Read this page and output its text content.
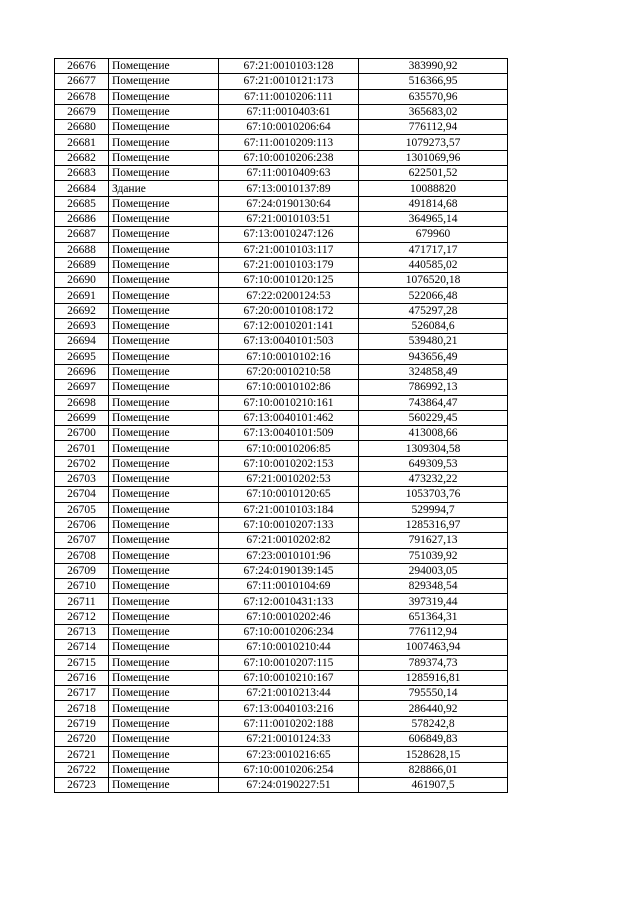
26676	Помещение	67:21:0010103:128	383990,92
26677	Помещение	67:21:0010121:173	516366,95
26678	Помещение	67:11:0010206:111	635570,96
26679	Помещение	67:11:0010403:61	365683,02
26680	Помещение	67:10:0010206:64	776112,94
26681	Помещение	67:11:0010209:113	1079273,57
26682	Помещение	67:10:0010206:238	1301069,96
26683	Помещение	67:11:0010409:63	622501,52
26684	Здание	67:13:0010137:89	10088820
26685	Помещение	67:24:0190130:64	491814,68
26686	Помещение	67:21:0010103:51	364965,14
26687	Помещение	67:13:0010247:126	679960
26688	Помещение	67:21:0010103:117	471717,17
26689	Помещение	67:21:0010103:179	440585,02
26690	Помещение	67:10:0010120:125	1076520,18
26691	Помещение	67:22:0200124:53	522066,48
26692	Помещение	67:20:0010108:172	475297,28
26693	Помещение	67:12:0010201:141	526084,6
26694	Помещение	67:13:0040101:503	539480,21
26695	Помещение	67:10:0010102:16	943656,49
26696	Помещение	67:20:0010210:58	324858,49
26697	Помещение	67:10:0010102:86	786992,13
26698	Помещение	67:10:0010210:161	743864,47
26699	Помещение	67:13:0040101:462	560229,45
26700	Помещение	67:13:0040101:509	413008,66
26701	Помещение	67:10:0010206:85	1309304,58
26702	Помещение	67:10:0010202:153	649309,53
26703	Помещение	67:21:0010202:53	473232,22
26704	Помещение	67:10:0010120:65	1053703,76
26705	Помещение	67:21:0010103:184	529994,7
26706	Помещение	67:10:0010207:133	1285316,97
26707	Помещение	67:21:0010202:82	791627,13
26708	Помещение	67:23:0010101:96	751039,92
26709	Помещение	67:24:0190139:145	294003,05
26710	Помещение	67:11:0010104:69	829348,54
26711	Помещение	67:12:0010431:133	397319,44
26712	Помещение	67:10:0010202:46	651364,31
26713	Помещение	67:10:0010206:234	776112,94
26714	Помещение	67:10:0010210:44	1007463,94
26715	Помещение	67:10:0010207:115	789374,73
26716	Помещение	67:10:0010210:167	1285916,81
26717	Помещение	67:21:0010213:44	795550,14
26718	Помещение	67:13:0040103:216	286440,92
26719	Помещение	67:11:0010202:188	578242,8
26720	Помещение	67:21:0010124:33	606849,83
26721	Помещение	67:23:0010216:65	1528628,15
26722	Помещение	67:10:0010206:254	828866,01
26723	Помещение	67:24:0190227:51	461907,5
